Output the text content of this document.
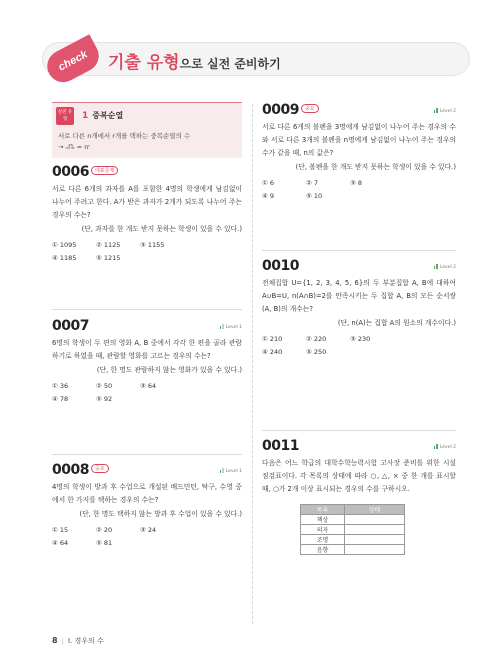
check	기출 유형으로 실전 준비하기
실전 유형	1 중복순열
서로 다른 n개에서 r개를 택하는 중복순열의 수
→ ₙΠᵣ = nʳ
0006 대표문제
서로 다른 6개의 과자를 A를 포함한 4명의 학생에게 남김없이 나누어 주려고 한다. A가 받은 과자가 2개가 되도록 나누어 주는 경우의 수는?
(단, 과자를 한 개도 받지 못하는 학생이 있을 수 있다.)
① 1095	② 1125	③ 1155
④ 1185	⑤ 1215
0007	Level 1
6명의 학생이 두 편의 영화 A, B 중에서 각각 한 편을 골라 관람하기로 하였을 때, 관람할 영화를 고르는 경우의 수는?
(단, 한 명도 관람하지 않는 영화가 있을 수 있다.)
① 36	② 50	③ 64
④ 78	⑤ 92
0008 중요	Level 1
4명의 학생이 방과 후 수업으로 개설된 배드민턴, 탁구, 수영 중에서 한 가지를 택하는 경우의 수는?
(단, 한 명도 택하지 않는 방과 후 수업이 있을 수 있다.)
① 15	② 20	③ 24
④ 64	⑤ 81
0009 중요	Level 2
서로 다른 6개의 볼펜을 3명에게 남김없이 나누어 주는 경우의 수와 서로 다른 3개의 볼펜을 n명에게 남김없이 나누어 주는 경우의 수가 같을 때, n의 값은?
(단, 볼펜을 한 개도 받지 못하는 학생이 있을 수 있다.)
① 6	② 7	③ 8
④ 9	⑤ 10
0010	Level 2
전체집합 U={1, 2, 3, 4, 5, 6}의 두 부분집합 A, B에 대하여 A∪B=U, n(A∩B)=2를 만족시키는 두 집합 A, B의 모든 순서쌍 (A, B)의 개수는?
(단, n(A)는 집합 A의 원소의 개수이다.)
① 210	② 220	③ 230
④ 240	⑤ 250
0011	Level 2
다음은 어느 학급의 대학수학능력시험 고사장 준비를 위한 시설 점검표이다. 각 목록의 상태에 따라 ○, △, × 중 한 개를 표시할 때, ○가 2개 이상 표시되는 경우의 수를 구하시오.
목록	상태
책상	
의자	
조명	
음향	
8 | Ⅰ. 경우의 수
